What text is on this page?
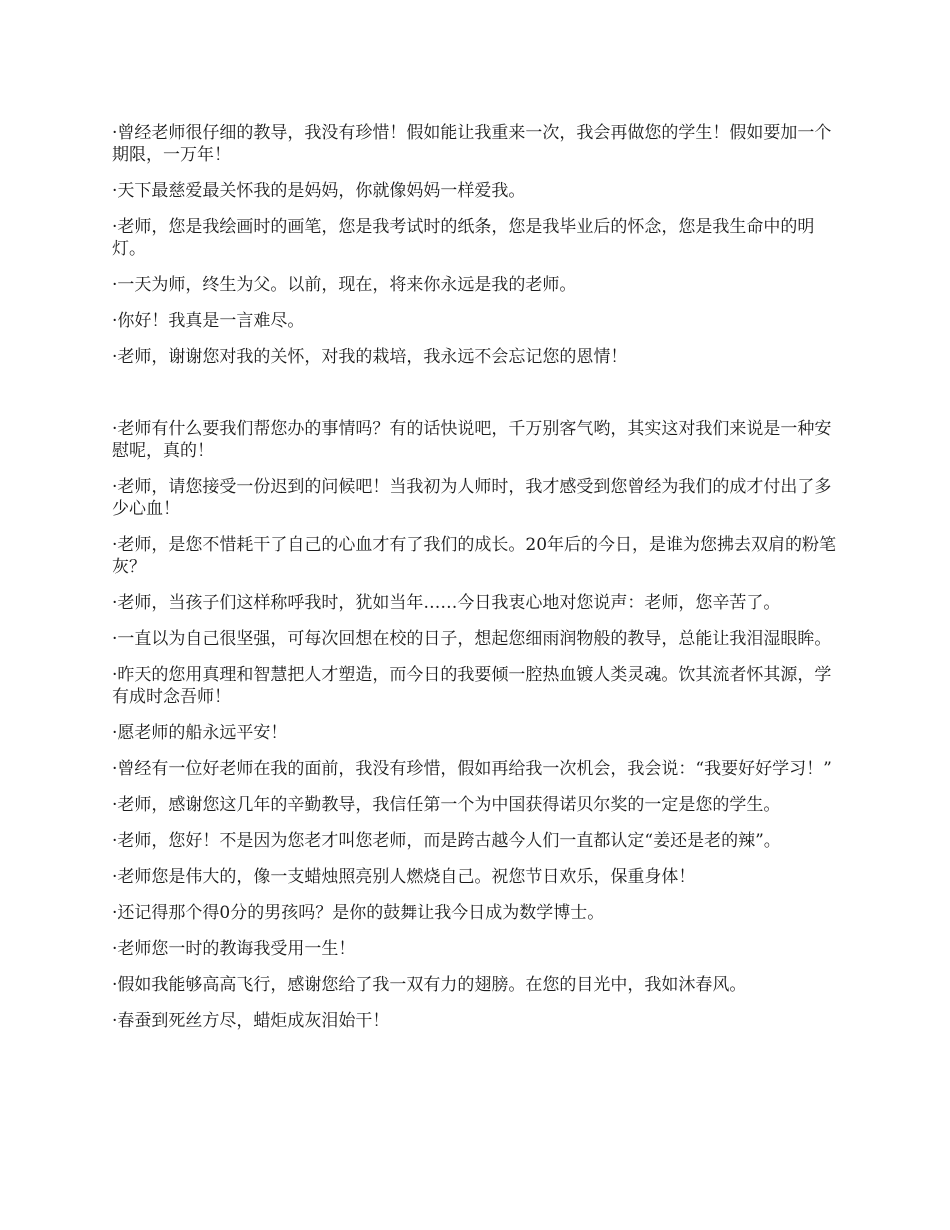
·曾经老师很仔细的教导，我没有珍惜！假如能让我重来一次，我会再做您的学生！假如要加一个期限，一万年！

·天下最慈爱最关怀我的是妈妈，你就像妈妈一样爱我。

·老师，您是我绘画时的画笔，您是我考试时的纸条，您是我毕业后的怀念，您是我生命中的明灯。

·一天为师，终生为父。以前，现在，将来你永远是我的老师。

·你好！我真是一言难尽。

·老师，谢谢您对我的关怀，对我的栽培，我永远不会忘记您的恩情！

·老师有什么要我们帮您办的事情吗？有的话快说吧，千万别客气哟，其实这对我们来说是一种安慰呢，真的！

·老师，请您接受一份迟到的问候吧！当我初为人师时，我才感受到您曾经为我们的成才付出了多少心血！

·老师，是您不惜耗干了自己的心血才有了我们的成长。20年后的今日，是谁为您拂去双肩的粉笔灰？

·老师，当孩子们这样称呼我时，犹如当年……今日我衷心地对您说声：老师，您辛苦了。

·一直以为自己很坚强，可每次回想在校的日子，想起您细雨润物般的教导，总能让我泪湿眼眸。

·昨天的您用真理和智慧把人才塑造，而今日的我要倾一腔热血镀人类灵魂。饮其流者怀其源，学有成时念吾师！

·愿老师的船永远平安！

·曾经有一位好老师在我的面前，我没有珍惜，假如再给我一次机会，我会说：“我要好好学习！”

·老师，感谢您这几年的辛勤教导，我信任第一个为中国获得诺贝尔奖的一定是您的学生。

·老师，您好！不是因为您老才叫您老师，而是跨古越今人们一直都认定“姜还是老的辣”。

·老师您是伟大的，像一支蜡烛照亮别人燃烧自己。祝您节日欢乐，保重身体！

·还记得那个得0分的男孩吗？是你的鼓舞让我今日成为数学博士。

·老师您一时的教诲我受用一生！

·假如我能够高高飞行，感谢您给了我一双有力的翅膀。在您的目光中，我如沐春风。

·春蚕到死丝方尽，蜡炬成灰泪始干！
